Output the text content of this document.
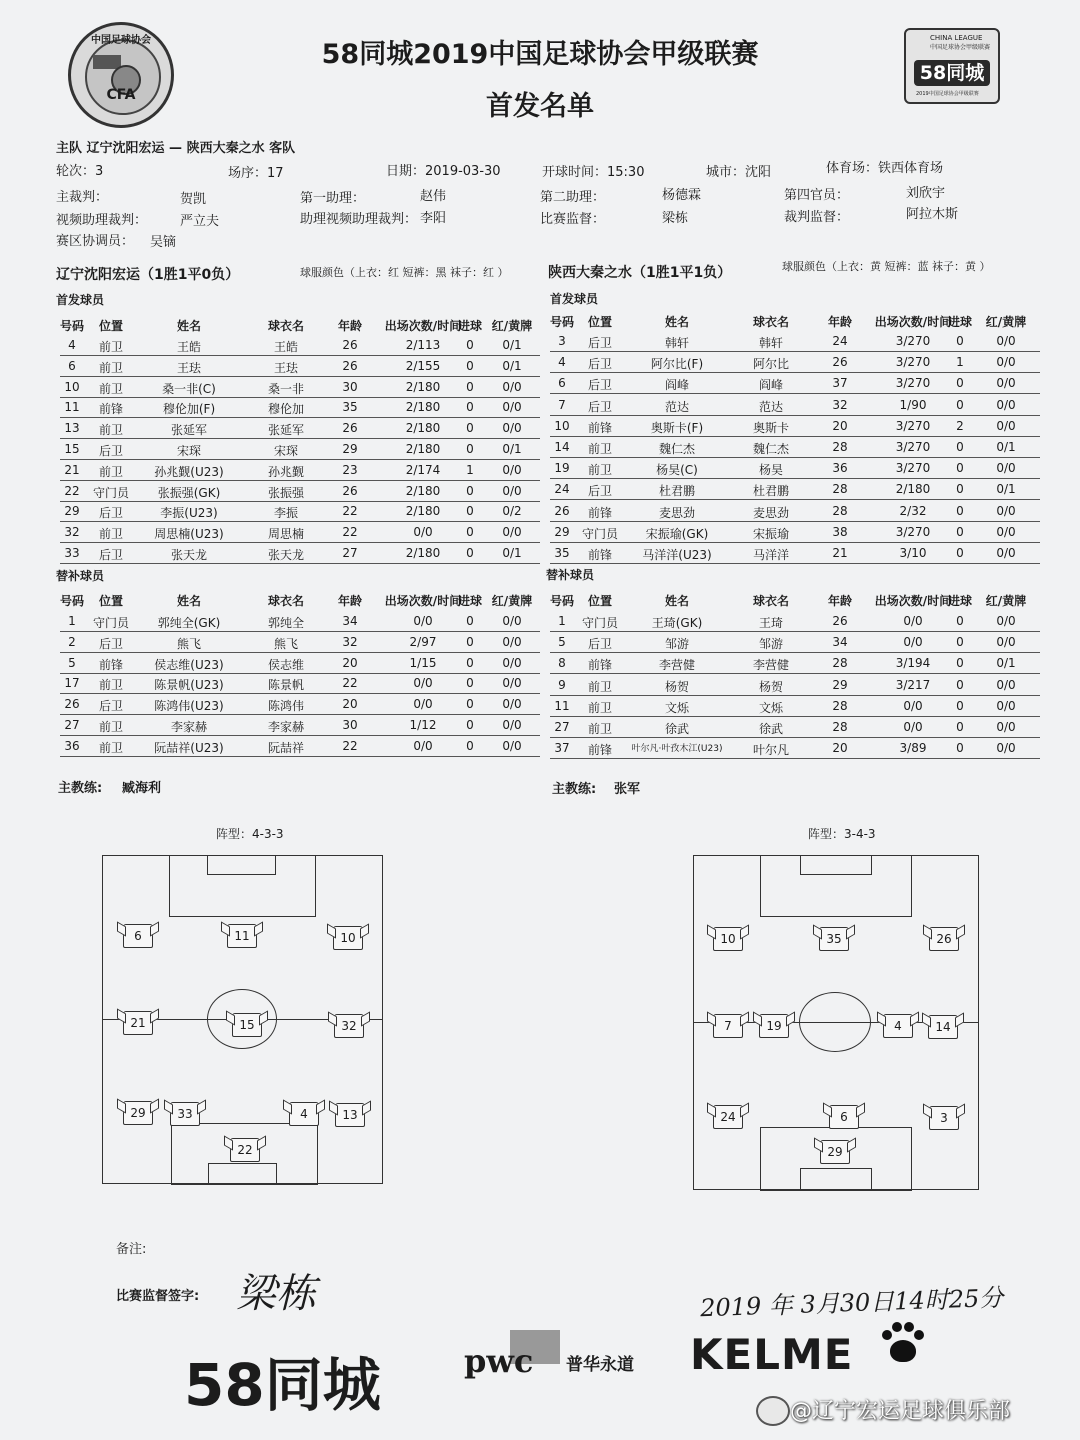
中国足球协会
CFA
CHINA LEAGUE
中国足球协会甲级联赛
58同城
2019中国足球协会甲级联赛
58同城2019中国足球协会甲级联赛
首发名单
主队 辽宁沈阳宏运 — 陕西大秦之水 客队
轮次：3	场序：17	日期：2019-03-30	开球时间：15:30	城市：沈阳	体育场：铁西体育场
主裁判：	贺凯	第一助理：	赵伟	第二助理：	杨德霖	第四官员：	刘欣宇
视频助理裁判：	严立夫	助理视频助理裁判： 李阳	比赛监督：	梁栋	裁判监督：	阿拉木斯
赛区协调员： 吴镝
辽宁沈阳宏运（1胜1平0负）	球服颜色（上衣：红 短裤：黑 袜子：红 ）	陕西大秦之水（1胜1平1负）	球服颜色（上衣：黄 短裤：蓝 袜子：黄 ）
首发球员	首发球员
号码 位置	姓名	球衣名	年龄 出场次数/时间
进球 红/黄牌
4 前卫	王皓	王皓	26	2/113 0 0/1
6 前卫	王珐	王珐	26	2/155 0 0/1
10 前卫	桑一非(C)	桑一非	30	2/180 0 0/0
11 前锋	穆伦加(F)	穆伦加	35	2/180 0 0/0
13 前卫	张延军	张延军	26	2/180 0 0/0
15 后卫	宋琛	宋琛	29	2/180 0 0/1
21 前卫	孙兆觐(U23)	孙兆觐	23	2/174 1 0/0
22 守门员 张振强(GK)	张振强	26	2/180 0 0/0
29 后卫	李振(U23)	李振	22	2/180 0 0/2
32 前卫	周思楠(U23)	周思楠	22	0/0	0 0/0
33 后卫	张天龙	张天龙	27	2/180 0 0/1
替补球员
号码 位置	姓名	球衣名	年龄 出场次数/时间
进球 红/黄牌
1 守门员 郭纯全(GK)	郭纯全	34	0/0	0 0/0
2 后卫	熊飞	熊飞	32	2/97 0 0/0
5 前锋	侯志维(U23)	侯志维	20	1/15 0 0/0
17 前卫	陈景帆(U23)	陈景帆	22	0/0	0 0/0
26 后卫	陈鸿伟(U23)	陈鸿伟	20	0/0	0 0/0
27 前卫	李家赫	李家赫	30	1/12 0 0/0
36 前卫	阮喆祥(U23)	阮喆祥	22	0/0	0 0/0
号码 位置	姓名	球衣名	年龄 出场次数/时间
进球 红/黄牌
3 后卫	韩轩	韩轩	24	3/270 0	0/0
4 后卫	阿尔比(F)	阿尔比	26	3/270 1	0/0
6 后卫	阎峰	阎峰	37	3/270 0	0/0
7 后卫	范达	范达	32	1/90 0	0/0
10 前锋	奥斯卡(F)	奥斯卡	20	3/270 2	0/0
14 前卫	魏仁杰	魏仁杰	28	3/270 0	0/1
19 前卫	杨昊(C)	杨昊	36	3/270 0	0/0
24 后卫	杜君鹏	杜君鹏	28	2/180 0	0/1
26 前锋	麦思劲	麦思劲	28	2/32 0	0/0
29 守门员 宋振瑜(GK)	宋振瑜	38	3/270 0	0/0
35 前锋	马洋洋(U23)	马洋洋	21	3/10 0	0/0
替补球员
号码 位置	姓名	球衣名	年龄 出场次数/时间
进球 红/黄牌
1 守门员	王琦(GK)	王琦	26	0/0	0	0/0
5 后卫	邹游	邹游	34	0/0	0	0/0
8 前锋	李营健	李营健	28	3/194 0	0/1
9 前卫	杨贺	杨贺	29	3/217 0	0/0
11 前卫	文烁	文烁	28	0/0	0	0/0
27 前卫	徐武	徐武	28	0/0	0	0/0
37 前锋 叶尔凡·叶孜木江(U23)	叶尔凡	20	3/89 0	0/0
主教练: 臧海利	主教练: 张军
阵型：4-3-3	阵型：3-4-3
6	11	10
21	15	32
29	33	4	13
22
10	35	26
7	19	4	14
24	6	3
29
备注:
比赛监督签字: 梁栋	2019 年 3月30日14时25分
58同城	pwc 普华永道 KELME
@辽宁宏运足球俱乐部
